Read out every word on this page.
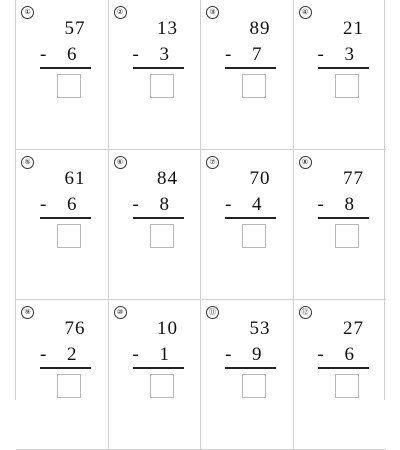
①
57
- 6
②
13
- 3
③
89
- 7
④
21
- 3
⑤
61
- 6
⑥
84
- 8
⑦
70
- 4
⑧
77
- 8
⑨
76
- 2
⑩
10
- 1
⑪
53
- 9
⑫
27
- 6
